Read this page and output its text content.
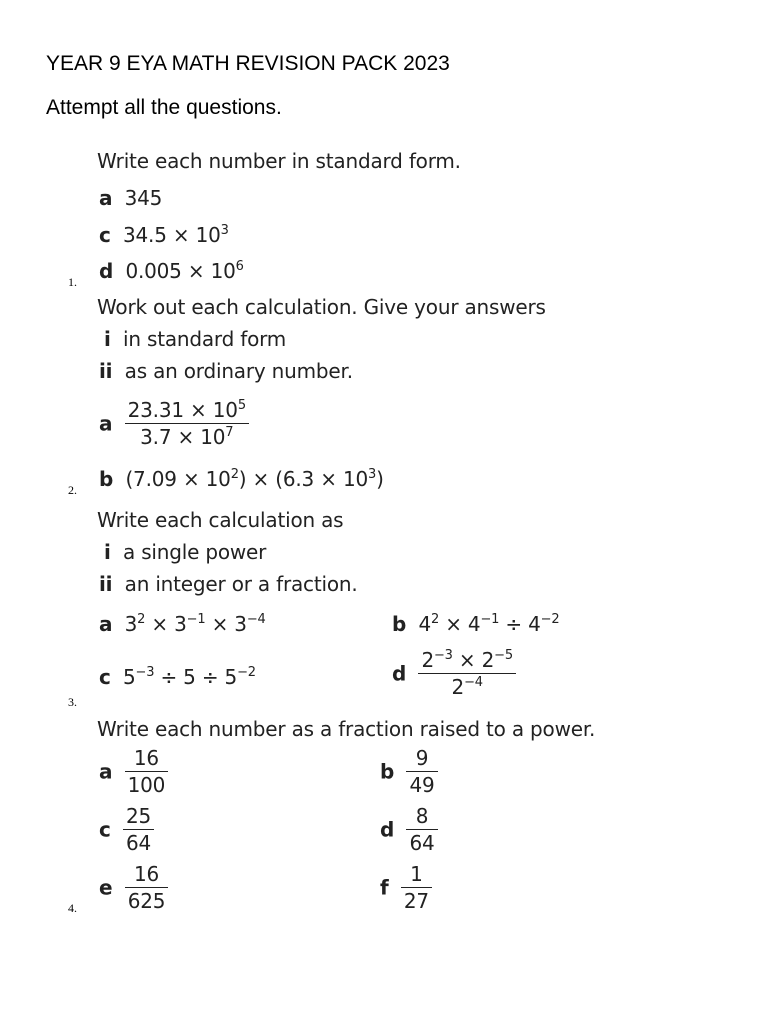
YEAR 9 EYA MATH REVISION PACK 2023
Attempt all the questions.
Write each number in standard form.
a 345
c $34.5 \times 10^3$
d $0.005 \times 10^6$
1.
Work out each calculation. Give your answers
i in standard form
ii as an ordinary number.
a $\frac{23.31 \times 10^5}{3.7 \times 10^7}$
b $(7.09 \times 10^2) \times (6.3 \times 10^3)$
2.
Write each calculation as
i a single power
ii an integer or a fraction.
a $3^2 \times 3^{-1} \times 3^{-4}$	b $4^2 \times 4^{-1} \div 4^{-2}$
c $5^{-3} \div 5 \div 5^{-2}$	d $\frac{2^{-3} \times 2^{-5}}{2^{-4}}$
3.
Write each number as a fraction raised to a power.
a $\frac{16}{100}$	b $\frac{9}{49}$
c $\frac{25}{64}$	d $\frac{8}{64}$
e $\frac{16}{625}$	f $\frac{1}{27}$
4.
